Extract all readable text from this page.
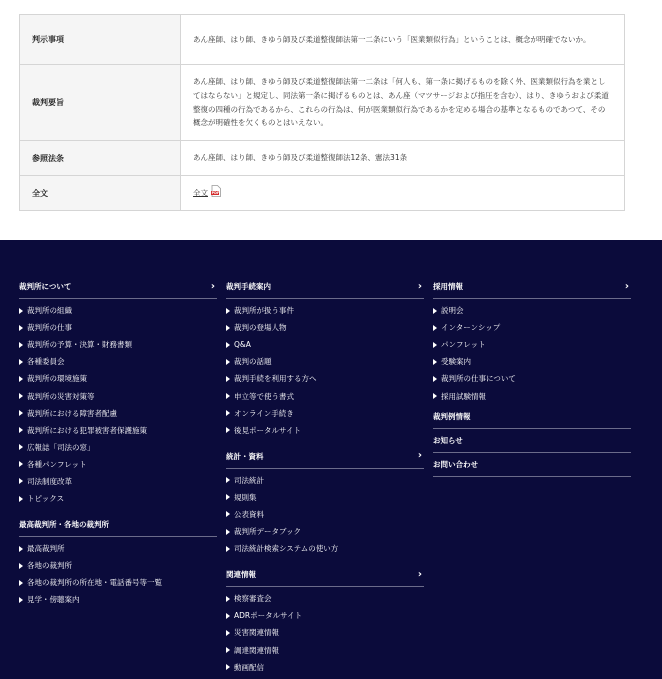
判示事項	あん座師、はり師、きゆう師及び柔道整復師法第一二条にいう「医業類似行為」ということは、概念が明確でないか。
裁判要旨	あん座師、はり師、きゆう師及び柔道整復師法第一二条は「何人も、第一条に掲げるものを除く外、医業類似行為を業としてはならない」と規定し、同法第一条に掲げるものとは、あん座（マツサージおよび指圧を含む）、はり、きゆうおよび柔道整復の四種の行為であるから、これらの行為は、何が医業類似行為であるかを定める場合の基準となるものであつて、その概念が明確性を欠くものとはいえない。
参照法条	あん座師、はり師、きゆう師及び柔道整復師法12条、憲法31条
全文	全文 PDF
裁判所について	›
裁判所の組織
裁判所の仕事
裁判所の予算・決算・財務書類
各種委員会
裁判所の環境施策
裁判所の災害対策等
裁判所における障害者配慮
裁判所における犯罪被害者保護施策
広報誌「司法の窓」
各種パンフレット
司法制度改革
トピックス
最高裁判所・各地の裁判所
最高裁判所
各地の裁判所
各地の裁判所の所在地・電話番号等一覧
見学・傍聴案内
裁判手続案内	›
裁判所が扱う事件
裁判の登場人物
Q&A
裁判の話題
裁判手続を利用する方へ
申立等で使う書式
オンライン手続き
後見ポータルサイト
統計・資料	›
司法統計
規則集
公表資料
裁判所データブック
司法統計検索システムの使い方
関連情報	›
検察審査会
ADRポータルサイト
災害関連情報
調達関連情報
動画配信
採用情報	›
説明会
インターンシップ
パンフレット
受験案内
裁判所の仕事について
採用試験情報
裁判例情報
お知らせ
お問い合わせ
